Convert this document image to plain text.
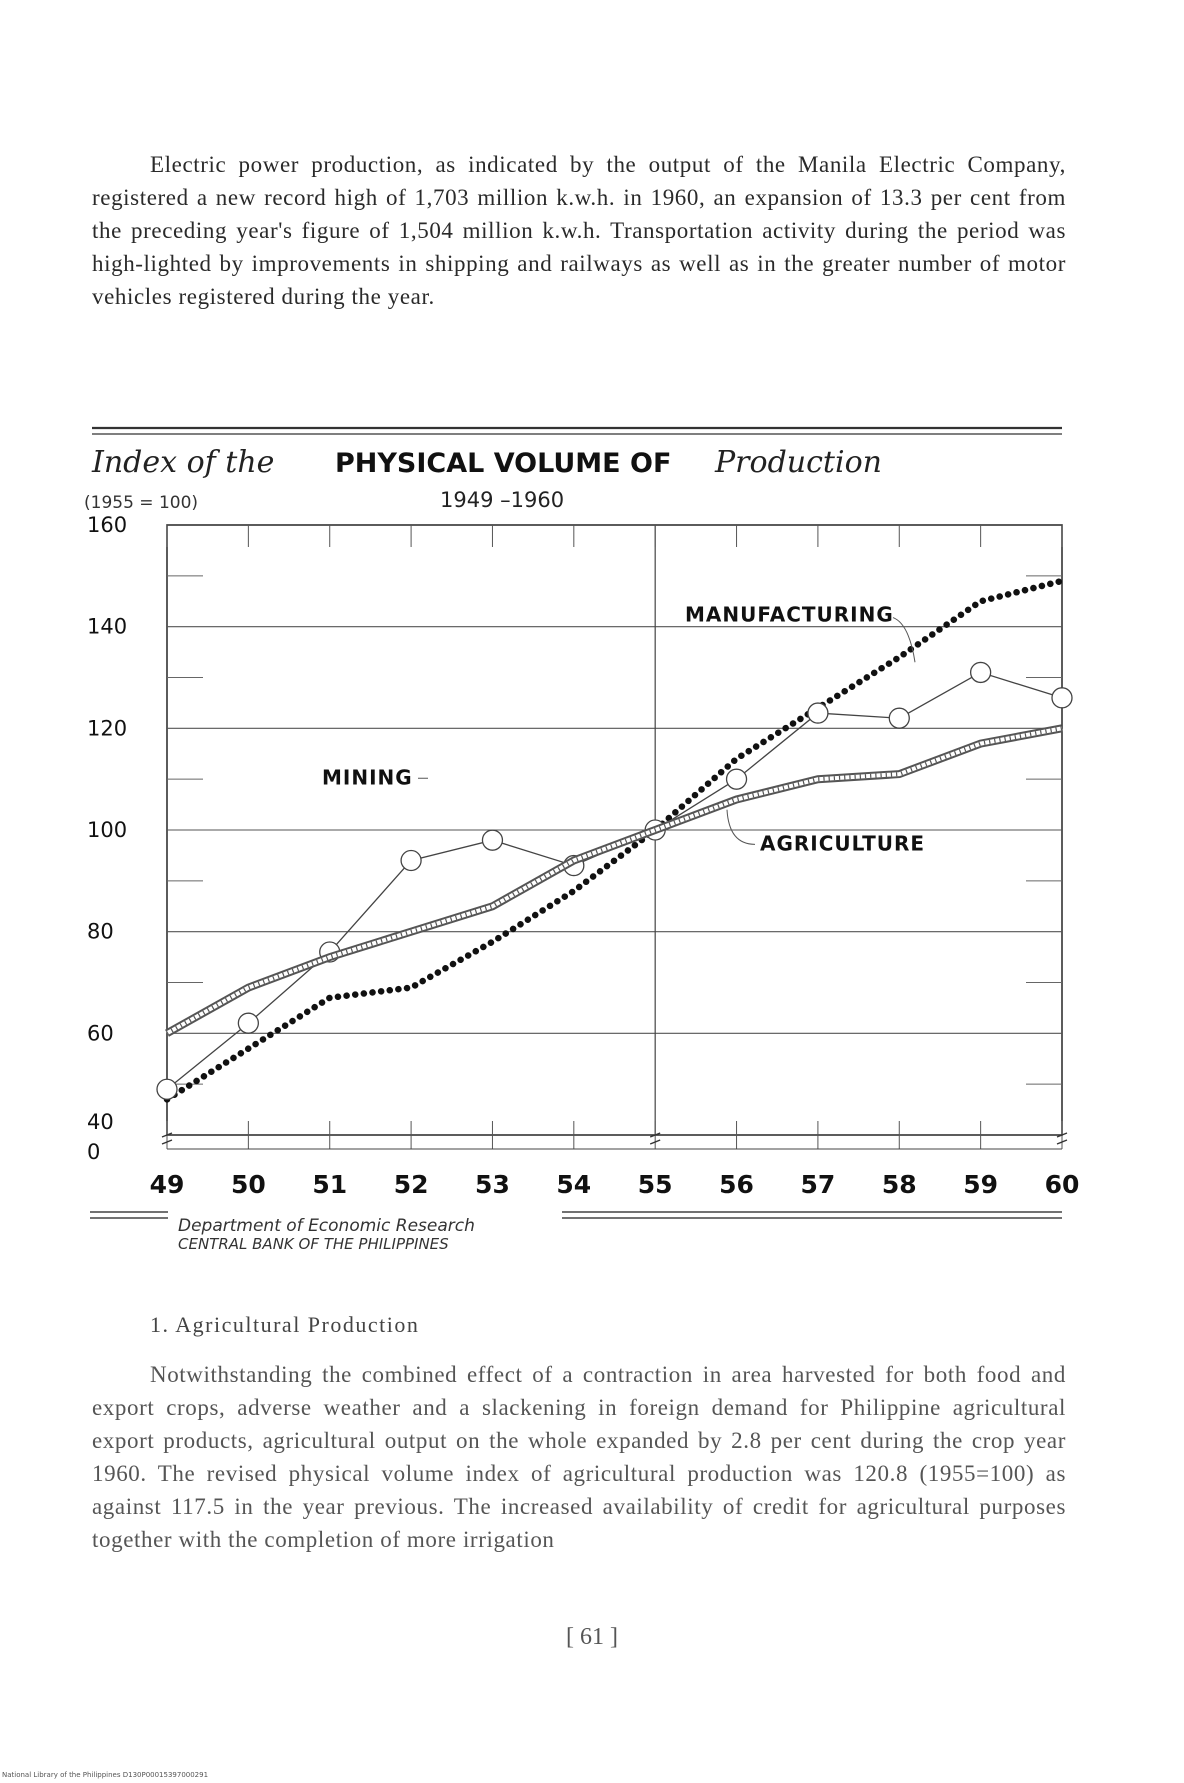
Electric power production, as indicated by the output of the Manila Electric Company, registered a new record high of 1,703 million k.w.h. in 1960, an expansion of 13.3 per cent from the preceding year's figure of 1,504 million k.w.h. Transportation activity during the period was high-lighted by improvements in shipping and railways as well as in the greater number of motor vehicles registered during the year.
Index of the PHYSICAL VOLUME OF Production
1949 –1960
(1955 = 100)
160
140
120
100
80
60
40
0
49 50 51 52 53 54 55 56 57 58 59 60
MANUFACTURING
MINING
AGRICULTURE
Department of Economic Research
CENTRAL BANK OF THE PHILIPPINES
1. Agricultural Production
Notwithstanding the combined effect of a contraction in area harvested for both food and export crops, adverse weather and a slackening in foreign demand for Philippine agricultural export products, agricultural output on the whole expanded by 2.8 per cent during the crop year 1960. The revised physical volume index of agricultural production was 120.8 (1955=100) as against 117.5 in the year previous. The increased availability of credit for agricultural purposes together with the completion of more irrigation
[ 61 ]
National Library of the Philippines D130P00015397000291
